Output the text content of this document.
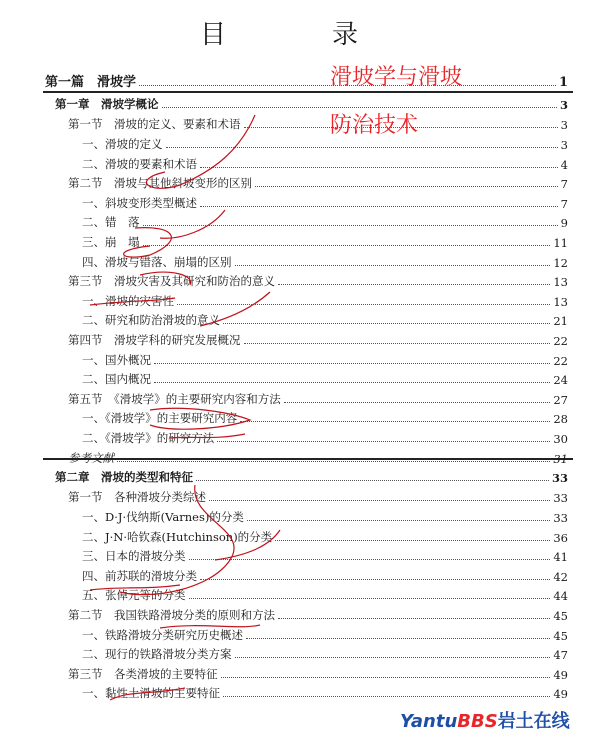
目　录
滑坡学与滑坡
防治技术
第一篇　滑坡学	1
第一章　滑坡学概论	3
第一节　滑坡的定义、要素和术语	3
一、滑坡的定义	3
二、滑坡的要素和术语	4
第二节　滑坡与其他斜坡变形的区别	7
一、斜坡变形类型概述	7
二、错　落	9
三、崩　塌	11
四、滑坡与错落、崩塌的区别	12
第三节　滑坡灾害及其研究和防治的意义	13
一、滑坡的灾害性	13
二、研究和防治滑坡的意义	21
第四节　滑坡学科的研究发展概况	22
一、国外概况	22
二、国内概况	24
第五节　《滑坡学》的主要研究内容和方法	27
一、《滑坡学》的主要研究内容	28
二、《滑坡学》的研究方法	30
参考文献	31
第二章　滑坡的类型和特征	33
第一节　各种滑坡分类综述	33
一、D·J·伐纳斯(Varnes)的分类	33
二、J·N·哈钦森(Hutchinson)的分类	36
三、日本的滑坡分类	41
四、前苏联的滑坡分类	42
五、张倬元等的分类	44
第二节　我国铁路滑坡分类的原则和方法	45
一、铁路滑坡分类研究历史概述	45
二、现行的铁路滑坡分类方案	47
第三节　各类滑坡的主要特征	49
一、黏性土滑坡的主要特征	49
YantuBBS岩土在线
